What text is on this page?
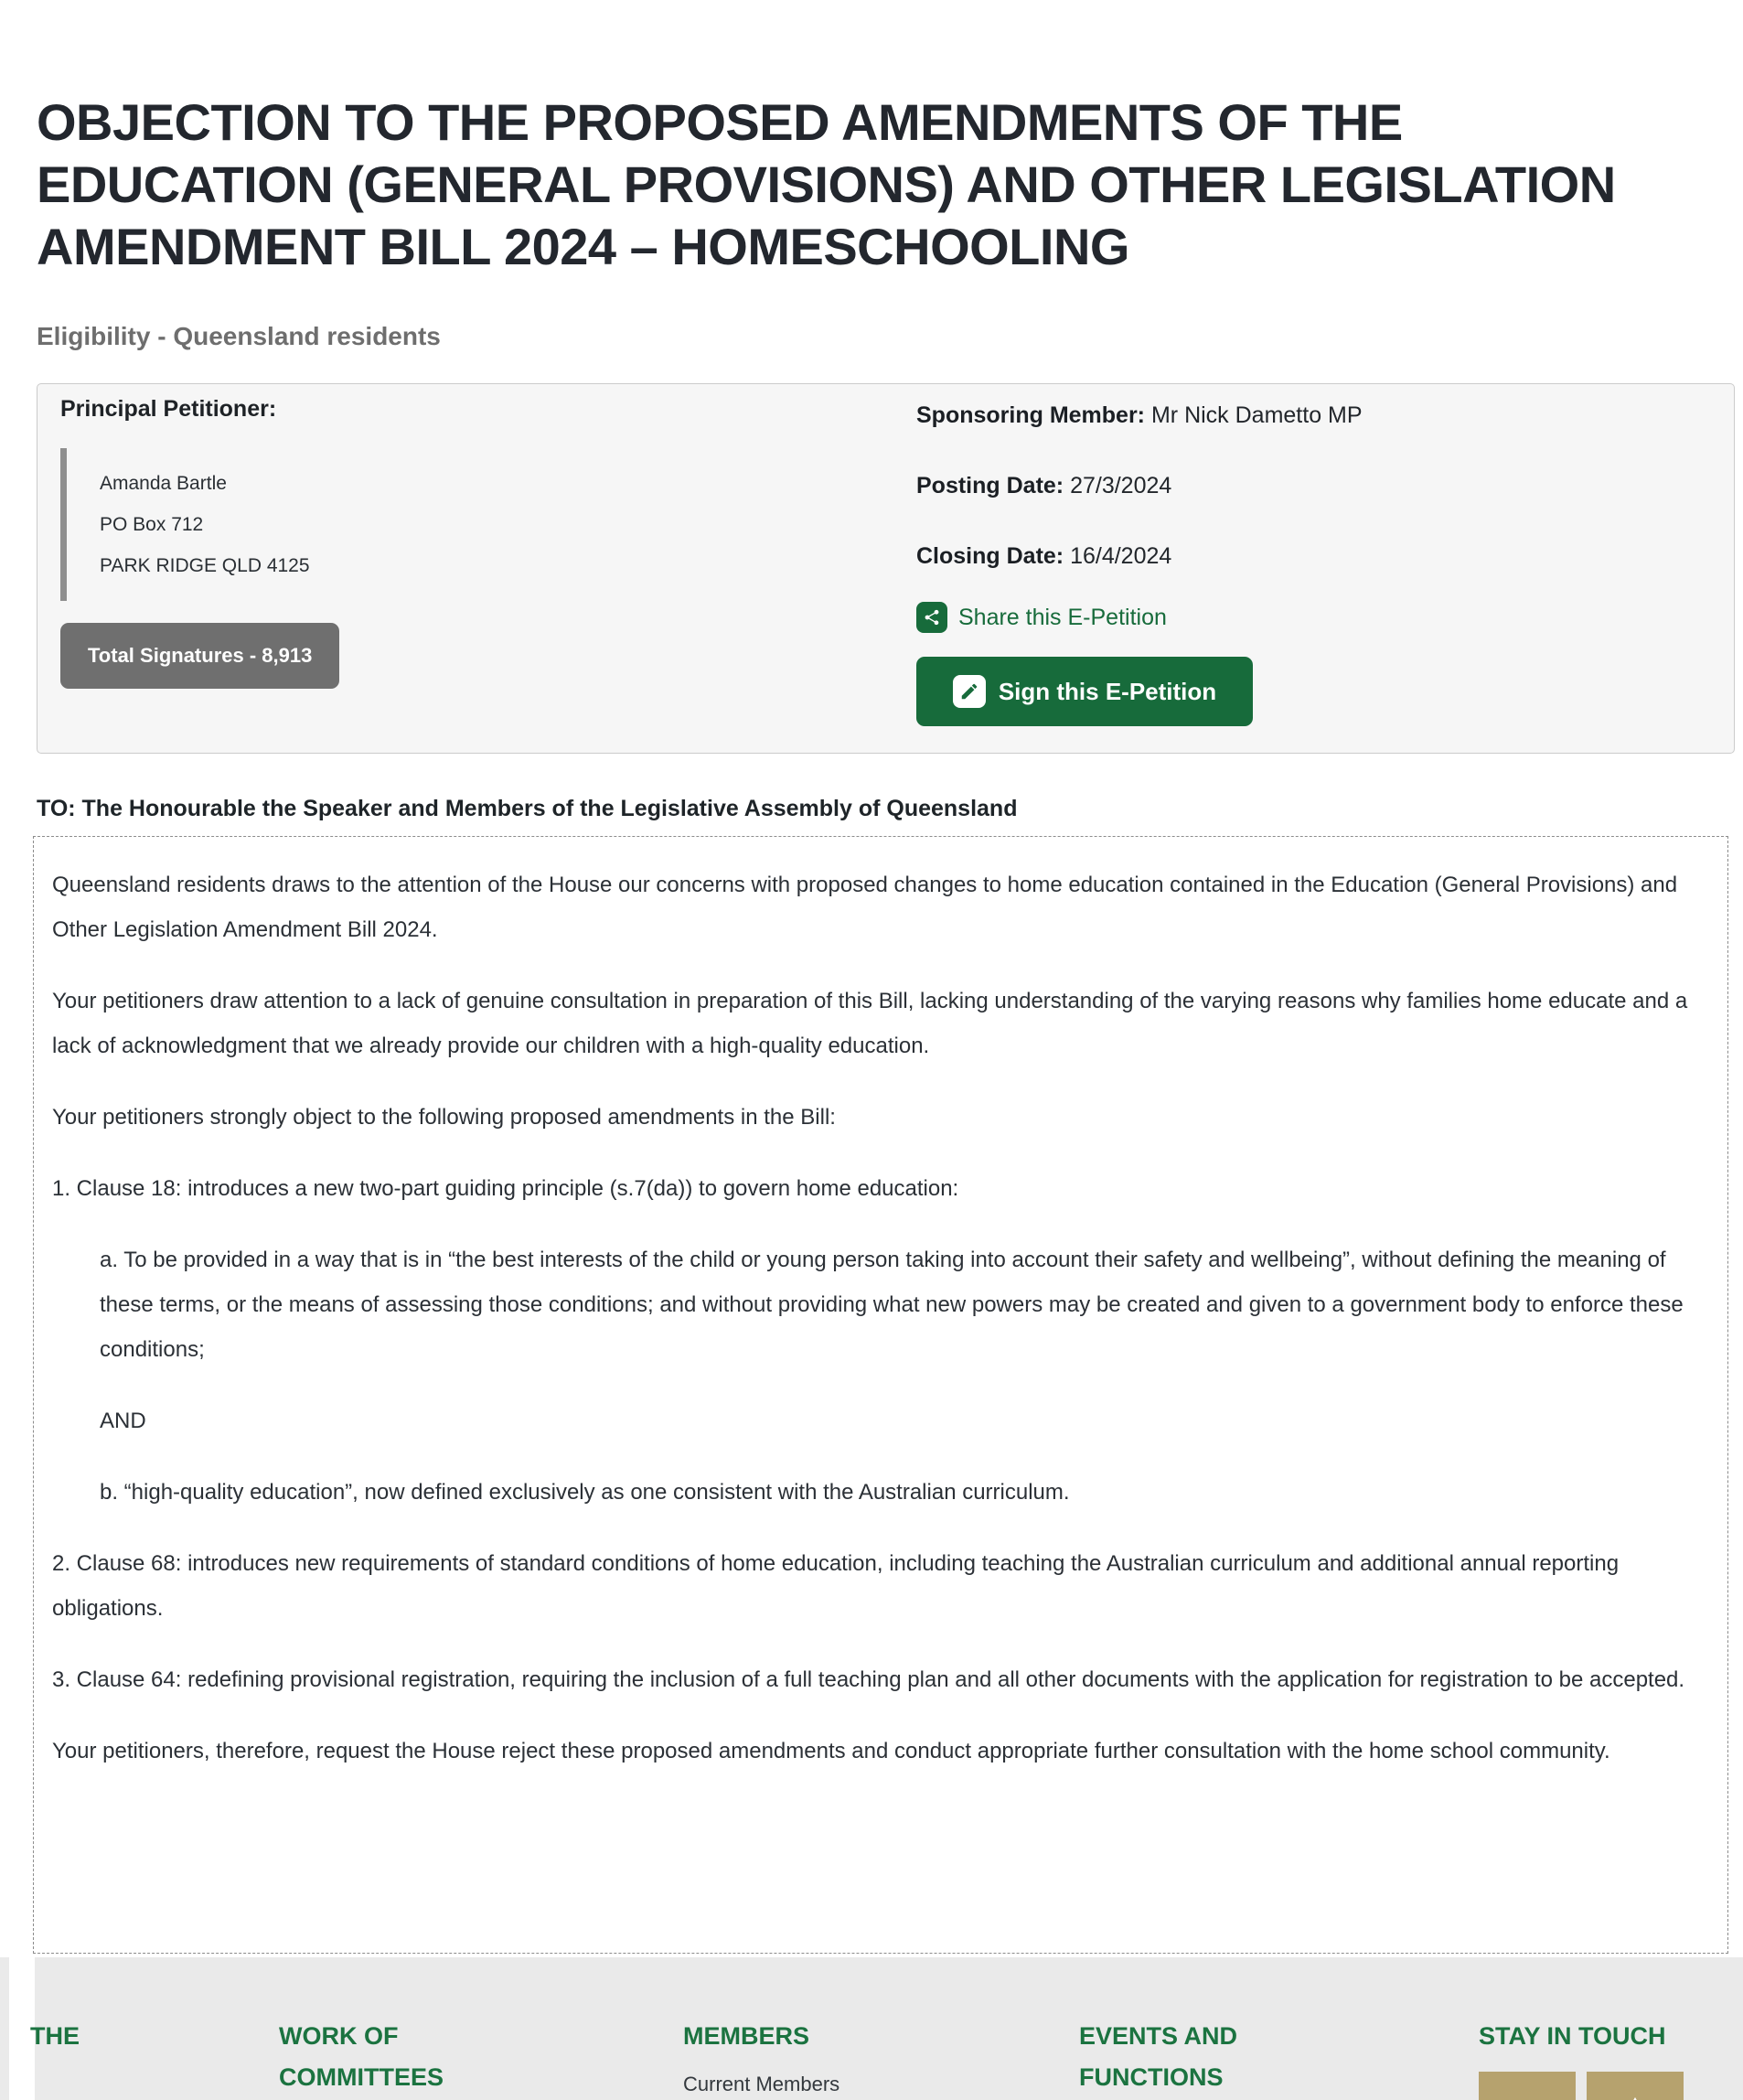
OBJECTION TO THE PROPOSED AMENDMENTS OF THE EDUCATION (GENERAL PROVISIONS) AND OTHER LEGISLATION AMENDMENT BILL 2024 – HOMESCHOOLING
Eligibility - Queensland residents
Principal Petitioner:
Amanda Bartle
PO Box 712
PARK RIDGE QLD 4125
Total Signatures - 8,913
Sponsoring Member: Mr Nick Dametto MP
Posting Date: 27/3/2024
Closing Date: 16/4/2024
Share this E-Petition
Sign this E-Petition
TO: The Honourable the Speaker and Members of the Legislative Assembly of Queensland

Queensland residents draws to the attention of the House our concerns with proposed changes to home education contained in the Education (General Provisions) and Other Legislation Amendment Bill 2024.

Your petitioners draw attention to a lack of genuine consultation in preparation of this Bill, lacking understanding of the varying reasons why families home educate and a lack of acknowledgment that we already provide our children with a high-quality education.

Your petitioners strongly object to the following proposed amendments in the Bill:

1. Clause 18: introduces a new two-part guiding principle (s.7(da)) to govern home education:

a. To be provided in a way that is in “the best interests of the child or young person taking into account their safety and wellbeing”, without defining the meaning of these terms, or the means of assessing those conditions; and without providing what new powers may be created and given to a government body to enforce these conditions;

AND

b. “high-quality education”, now defined exclusively as one consistent with the Australian curriculum.

2. Clause 68: introduces new requirements of standard conditions of home education, including teaching the Australian curriculum and additional annual reporting obligations.

3. Clause 64: redefining provisional registration, requiring the inclusion of a full teaching plan and all other documents with the application for registration to be accepted.

Your petitioners, therefore, request the House reject these proposed amendments and conduct appropriate further consultation with the home school community.

THE	WORK OF COMMITTEES
MEMBERS
Current Members
EVENTS AND FUNCTIONS
STAY IN TOUCH
